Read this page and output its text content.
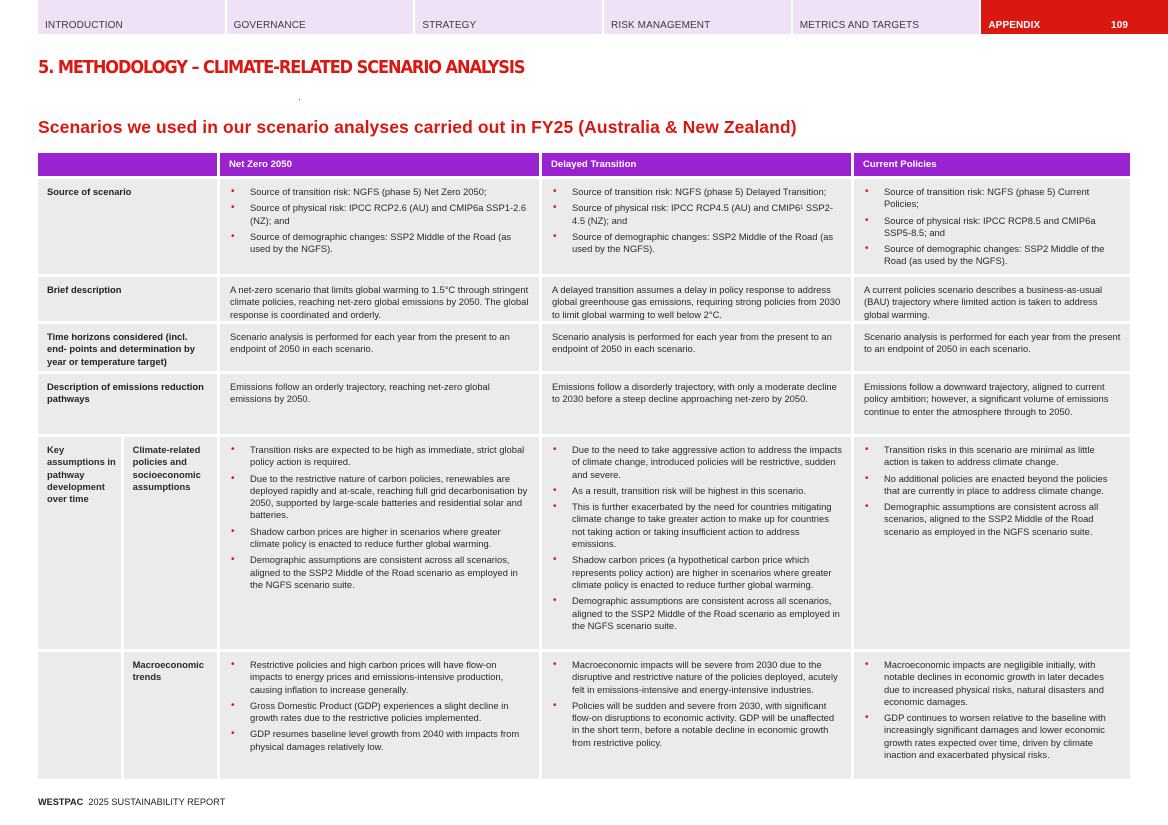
INTRODUCTION	GOVERNANCE	STRATEGY	RISK MANAGEMENT	METRICS AND TARGETS	APPENDIX	109
5. METHODOLOGY – CLIMATE-RELATED SCENARIO ANALYSIS
Scenarios we used in our scenario analyses carried out in FY25 (Australia & New Zealand)
Net Zero 2050	Delayed Transition	Current Policies
Source of scenario
•	Source of transition risk: NGFS (phase 5) Net Zero 2050;
• Source of physical risk: IPCC RCP2.6 (AU) and CMIP6a SSP1-2.6 (NZ); and
• Source of demographic changes: SSP2 Middle of the Road (as used by the NGFS).
• Source of transition risk: NGFS (phase 5) Delayed Transition;
• Source of physical risk: IPCC RCP4.5 (AU) and CMIP6¹ SSP2-4.5 (NZ); and
• Source of demographic changes: SSP2 Middle of the Road (as used by the NGFS).
• Source of transition risk: NGFS (phase 5) Current Policies;
• Source of physical risk: IPCC RCP8.5 and CMIP6a SSP5-8.5; and
• Source of demographic changes: SSP2 Middle of the Road (as used by the NGFS).
Brief description	A net-zero scenario that limits global warming to 1.5°C through stringent climate policies, reaching net-zero global emissions by 2050. The global response is coordinated and orderly.
A delayed transition assumes a delay in policy response to address global greenhouse gas emissions, requiring strong policies from 2030 to limit global warming to well below 2°C.
A current policies scenario describes a business-as-usual (BAU) trajectory where limited action is taken to address global warming.
Time horizons considered (incl. end- points and determination by year or temperature target)
Scenario analysis is performed for each year from the present to an endpoint of 2050 in each scenario.
Scenario analysis is performed for each year from the present to an endpoint of 2050 in each scenario.
Scenario analysis is performed for each year from the present to an endpoint of 2050 in each scenario.
Description of emissions reduction pathways
Emissions follow an orderly trajectory, reaching net-zero global emissions by 2050.
Emissions follow a disorderly trajectory, with only a moderate decline to 2030 before a steep decline approaching net-zero by 2050.
Emissions follow a downward trajectory, aligned to current policy ambition; however, a significant volume of emissions continue to enter the atmosphere through to 2050.
Key assumptions in pathway development over time
Climate-related policies and socioeconomic assumptions
• Transition risks are expected to be high as immediate, strict global policy action is required.
• Due to the restrictive nature of carbon policies, renewables are deployed rapidly and at-scale, reaching full grid decarbonisation by 2050, supported by large-scale batteries and residential solar and batteries.
• Shadow carbon prices are higher in scenarios where greater climate policy is enacted to reduce further global warming.
• Demographic assumptions are consistent across all scenarios, aligned to the SSP2 Middle of the Road scenario as employed in the NGFS scenario suite.
• Due to the need to take aggressive action to address the impacts of climate change, introduced policies will be restrictive, sudden and severe.
• As a result, transition risk will be highest in this scenario.
• This is further exacerbated by the need for countries mitigating climate change to take greater action to make up for countries not taking action or taking insufficient action to address emissions.
• Shadow carbon prices (a hypothetical carbon price which represents policy action) are higher in scenarios where greater climate policy is enacted to reduce further global warming.
• Demographic assumptions are consistent across all scenarios, aligned to the SSP2 Middle of the Road scenario as employed in the NGFS scenario suite.
• Transition risks in this scenario are minimal as little action is taken to address climate change.
• No additional policies are enacted beyond the policies that are currently in place to address climate change.
• Demographic assumptions are consistent across all scenarios, aligned to the SSP2 Middle of the Road scenario as employed in the NGFS scenario suite.
Macroeconomic trends
• Restrictive policies and high carbon prices will have flow-on impacts to energy prices and emissions-intensive production, causing inflation to increase generally.
• Gross Domestic Product (GDP) experiences a slight decline in growth rates due to the restrictive policies implemented.
• GDP resumes baseline level growth from 2040 with impacts from physical damages relatively low.
• Macroeconomic impacts will be severe from 2030 due to the disruptive and restrictive nature of the policies deployed, acutely felt in emissions-intensive and energy-intensive industries.
• Policies will be sudden and severe from 2030, with significant flow-on disruptions to economic activity. GDP will be unaffected in the short term, before a notable decline in economic growth from restrictive policy.
• Macroeconomic impacts are negligible initially, with notable declines in economic growth in later decades due to increased physical risks, natural disasters and economic damages.
• GDP continues to worsen relative to the baseline with increasingly significant damages and lower economic growth rates expected over time, driven by climate inaction and exacerbated physical risks.
WESTPAC 2025 SUSTAINABILITY REPORT
